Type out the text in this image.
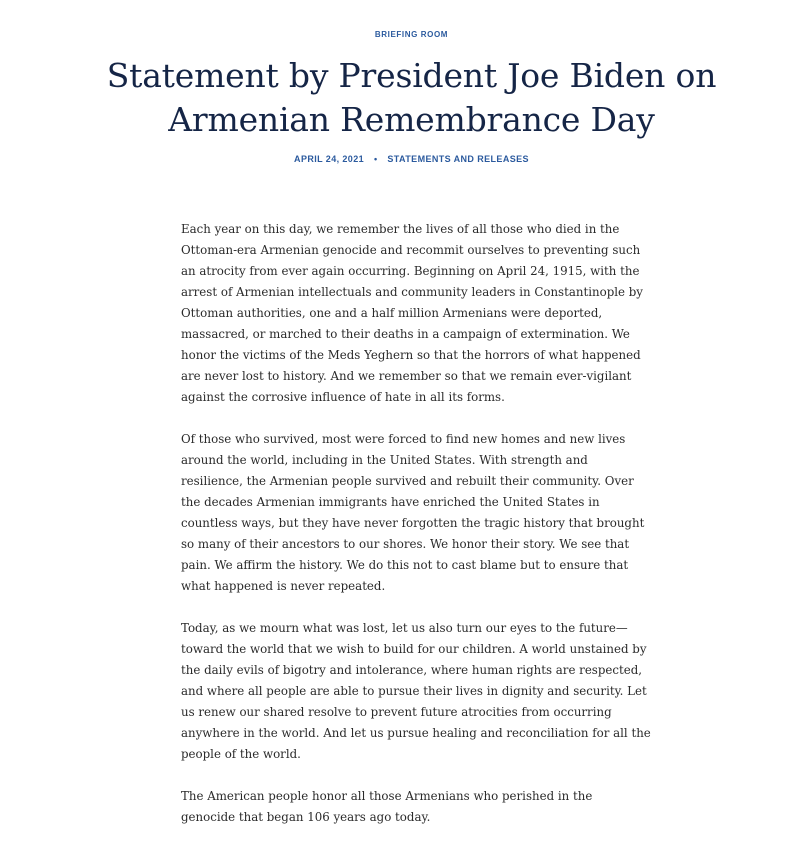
BRIEFING ROOM
Statement by President Joe Biden on
Armenian Remembrance Day
APRIL 24, 2021 • STATEMENTS AND RELEASES

Each year on this day, we remember the lives of all those who died in the
Ottoman-era Armenian genocide and recommit ourselves to preventing such
an atrocity from ever again occurring. Beginning on April 24, 1915, with the
arrest of Armenian intellectuals and community leaders in Constantinople by
Ottoman authorities, one and a half million Armenians were deported,
massacred, or marched to their deaths in a campaign of extermination. We
honor the victims of the Meds Yeghern so that the horrors of what happened
are never lost to history. And we remember so that we remain ever-vigilant
against the corrosive influence of hate in all its forms.

Of those who survived, most were forced to find new homes and new lives
around the world, including in the United States. With strength and
resilience, the Armenian people survived and rebuilt their community. Over
the decades Armenian immigrants have enriched the United States in
countless ways, but they have never forgotten the tragic history that brought
so many of their ancestors to our shores. We honor their story. We see that
pain. We affirm the history. We do this not to cast blame but to ensure that
what happened is never repeated.

Today, as we mourn what was lost, let us also turn our eyes to the future—
toward the world that we wish to build for our children. A world unstained by
the daily evils of bigotry and intolerance, where human rights are respected,
and where all people are able to pursue their lives in dignity and security. Let
us renew our shared resolve to prevent future atrocities from occurring
anywhere in the world. And let us pursue healing and reconciliation for all the
people of the world.

The American people honor all those Armenians who perished in the
genocide that began 106 years ago today.
